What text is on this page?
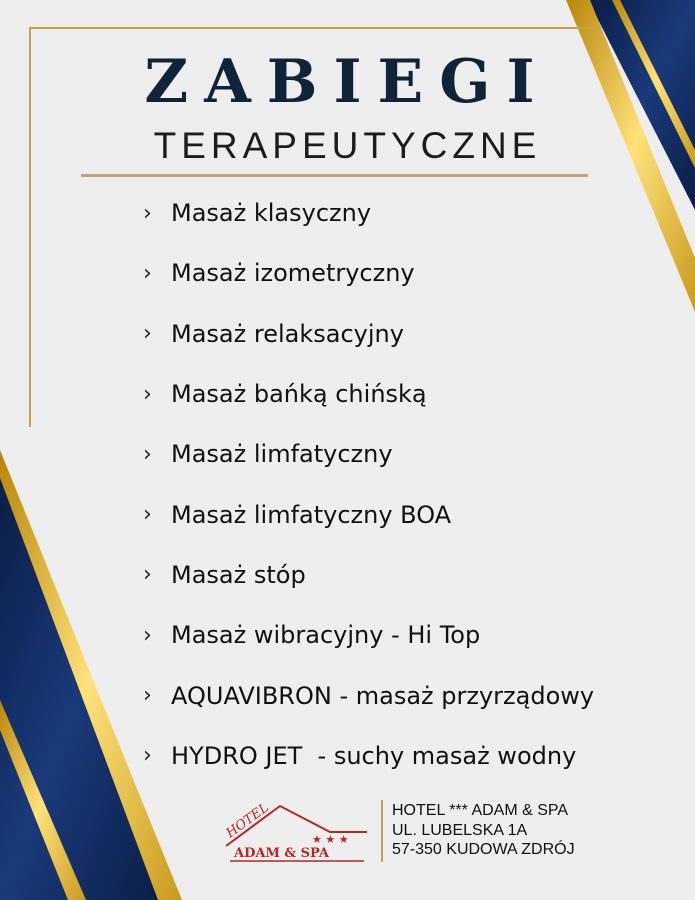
ZABIEGI
TERAPEUTYCZNE
› Masaż klasyczny
› Masaż izometryczny
› Masaż relaksacyjny
› Masaż bańką chińską
› Masaż limfatyczny
› Masaż limfatyczny BOA
› Masaż stóp
› Masaż wibracyjny - Hi Top
› AQUAVIBRON - masaż przyrządowy
› HYDRO JET  - suchy masaż wodny
HOTEL	★ ★ ★
ADAM & SPA
HOTEL *** ADAM & SPA
UL. LUBELSKA 1A
57-350 KUDOWA ZDRÓJ
